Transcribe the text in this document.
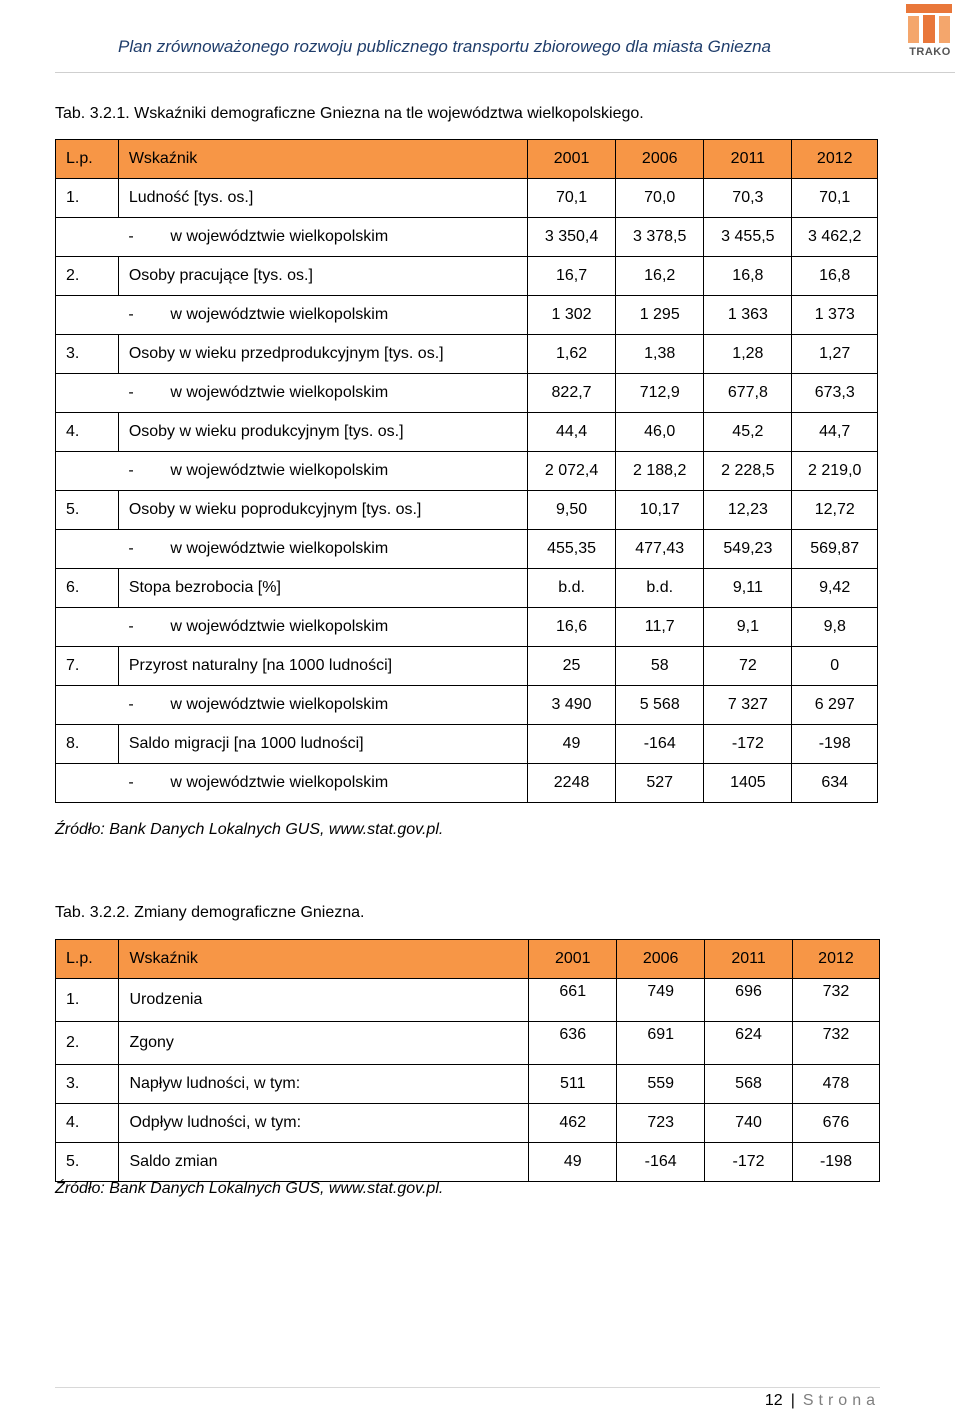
Plan zrównoważonego rozwoju publicznego transportu zbiorowego dla miasta Gniezna	TRAKO
Tab. 3.2.1. Wskaźniki demograficzne Gniezna na tle województwa wielkopolskiego.
L.p.	Wskaźnik	2001	2006	2011	2012
1.	Ludność [tys. os.]	70,1	70,0	70,3	70,1
	- w województwie wielkopolskim	3 350,4	3 378,5	3 455,5	3 462,2
2.	Osoby pracujące [tys. os.]	16,7	16,2	16,8	16,8
	- w województwie wielkopolskim	1 302	1 295	1 363	1 373
3.	Osoby w wieku przedprodukcyjnym [tys. os.]	1,62	1,38	1,28	1,27
	- w województwie wielkopolskim	822,7	712,9	677,8	673,3
4.	Osoby w wieku produkcyjnym [tys. os.]	44,4	46,0	45,2	44,7
	- w województwie wielkopolskim	2 072,4	2 188,2	2 228,5	2 219,0
5.	Osoby w wieku poprodukcyjnym [tys. os.]	9,50	10,17	12,23	12,72
	- w województwie wielkopolskim	455,35	477,43	549,23	569,87
6.	Stopa bezrobocia [%]	b.d.	b.d.	9,11	9,42
	- w województwie wielkopolskim	16,6	11,7	9,1	9,8
7.	Przyrost naturalny [na 1000 ludności]	25	58	72	0
	- w województwie wielkopolskim	3 490	5 568	7 327	6 297
8.	Saldo migracji [na 1000 ludności]	49	-164	-172	-198
	- w województwie wielkopolskim	2248	527	1405	634
Źródło: Bank Danych Lokalnych GUS, www.stat.gov.pl.
Tab. 3.2.2. Zmiany demograficzne Gniezna.
L.p.	Wskaźnik	2001	2006	2011	2012
1.	Urodzenia	661	749	696	732
2.	Zgony	636	691	624	732
3.	Napływ ludności, w tym:	511	559	568	478
4.	Odpływ ludności, w tym:	462	723	740	676
5.	Saldo zmian	49	-164	-172	-198
Źródło: Bank Danych Lokalnych GUS, www.stat.gov.pl.
12 | Strona
